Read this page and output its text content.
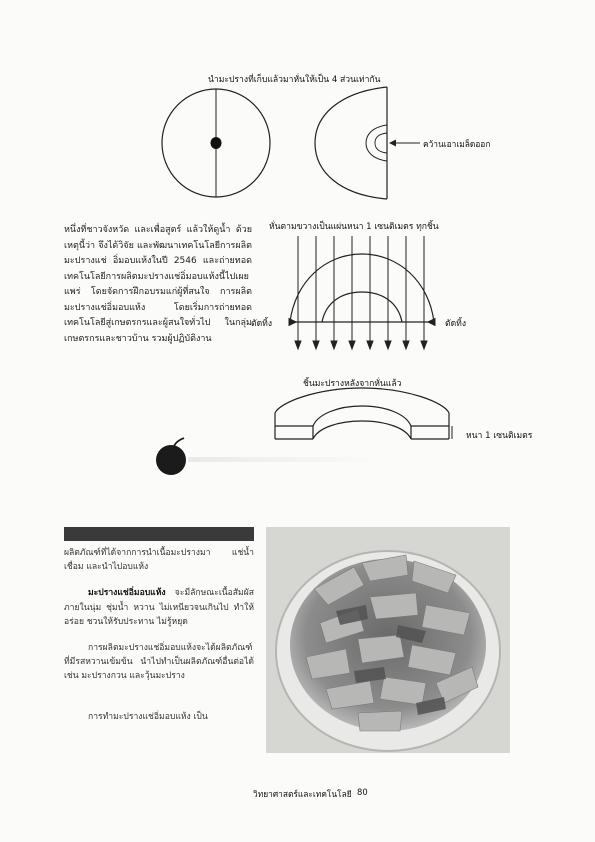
นำมะปรางที่เก็บแล้วมาหั่นให้เป็น 4 ส่วนเท่ากัน
คว้านเอาเมล็ดออก
หนึ่งที่ชาวจังหวัด และเพื่อสูตร์ แล้วให้ดูน้ำ ด้วยเหตุนี้ว่า จึงได้วิจัย และพัฒนาเทคโนโลยีการผลิตมะปรางแช่ อิ่มอบแห้งในปี 2546 และถ่ายทอดเทคโนโลยีการผลิตมะปรางแช่อิ่มอบแห้งนี้ไปเผยแพร่ โดยจัดการฝึกอบรมแก่ผู้ที่สนใจ การผลิตมะปรางแช่อิ่มอบแห้ง โดยเริ่มการถ่ายทอดเทคโนโลยีสู่เกษตรกรและผู้สนใจทั่วไป ในกลุ่มเกษตรกรและชาวบ้าน รวมผู้ปฏิบัติงาน
หั่นตามขวางเป็นแผ่นหนา 1 เซนติเมตร ทุกชิ้น
ตัดทิ้ง	ตัดทิ้ง
ชิ้นมะปรางหลังจากหั่นแล้ว
หนา 1 เซนติเมตร
ผลิตภัณฑ์ที่ได้จากการนำเนื้อมะปรางมา แช่น้ำเชื่อม และนำไปอบแห้ง
มะปรางแช่อิ่มอบแห้ง จะมีลักษณะเนื้อสัมผัสภายในนุ่ม ชุ่มน้ำ หวาน ไม่เหนียวจนเกินไป ทำให้อร่อย ชวนให้รับประทาน ไม่รู้หยุด
การผลิตมะปรางแช่อิ่มอบแห้งจะได้ผลิตภัณฑ์ที่มีรสหวานเข้มข้น นำไปทำเป็นผลิตภัณฑ์อื่นต่อได้ เช่น มะปรางกวน และวุ้นมะปราง
การทำมะปรางแช่อิ่มอบแห้ง เป็น
วิทยาศาสตร์และเทคโนโลยี 80
